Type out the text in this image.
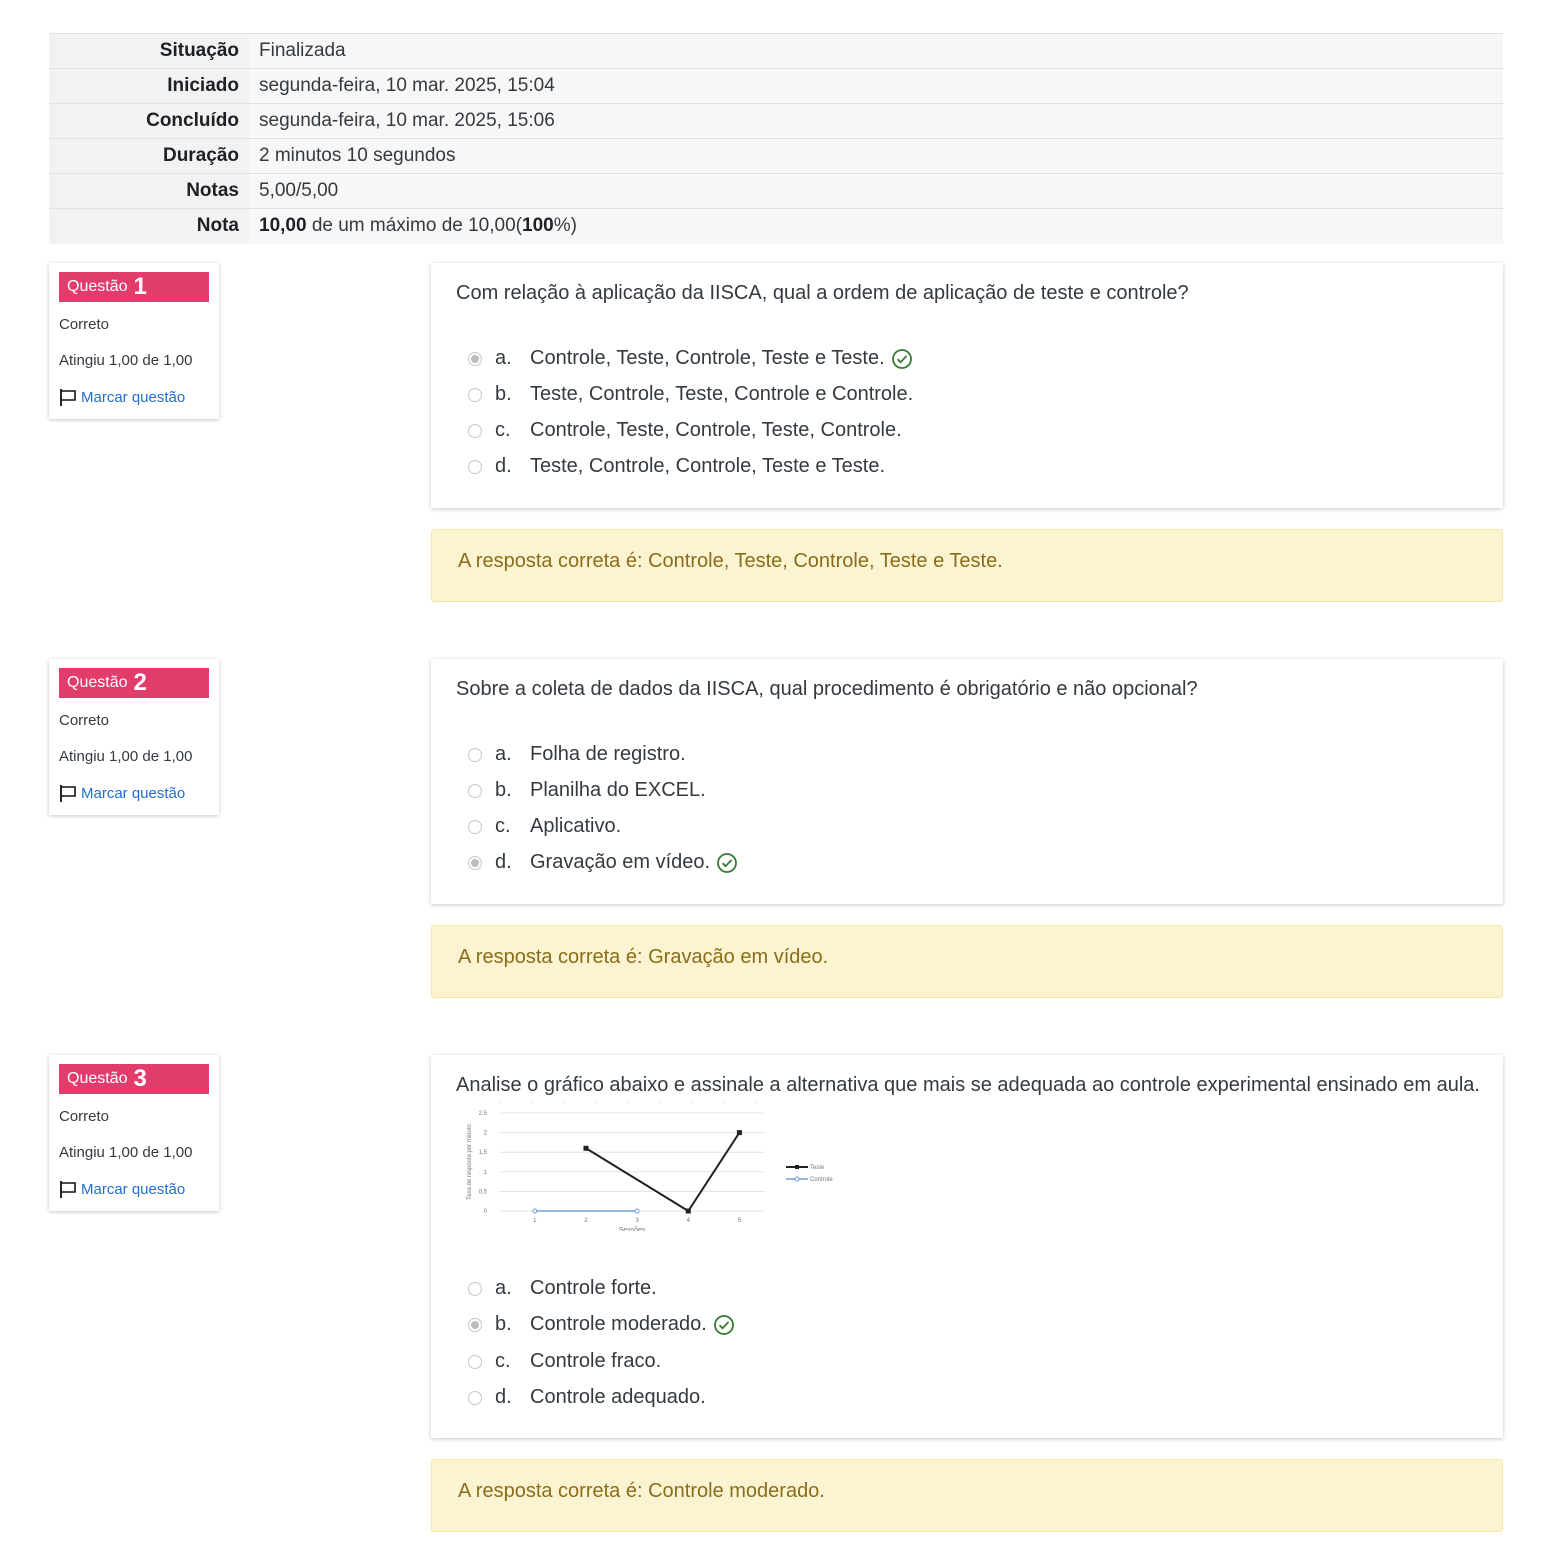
Situação	Finalizada
Iniciado	segunda-feira, 10 mar. 2025, 15:04
Concluído	segunda-feira, 10 mar. 2025, 15:06
Duração	2 minutos 10 segundos
Notas	5,00/5,00
Nota	10,00 de um máximo de 10,00(100%)
Questão 1
Correto
Atingiu 1,00 de 1,00
Marcar questão
Com relação à aplicação da IISCA, qual a ordem de aplicação de teste e controle?
a. Controle, Teste, Controle, Teste e Teste.
b. Teste, Controle, Teste, Controle e Controle.
c. Controle, Teste, Controle, Teste, Controle.
d. Teste, Controle, Controle, Teste e Teste.
A resposta correta é: Controle, Teste, Controle, Teste e Teste.
Questão 2
Correto
Atingiu 1,00 de 1,00
Marcar questão
Sobre a coleta de dados da IISCA, qual procedimento é obrigatório e não opcional?
a. Folha de registro.
b. Planilha do EXCEL.
c. Aplicativo.
d. Gravação em vídeo.
A resposta correta é: Gravação em vídeo.
Questão 3
Correto
Atingiu 1,00 de 1,00
Marcar questão
Analise o gráfico abaixo e assinale a alternativa que mais se adequada ao controle experimental ensinado em aula.
0
0,5
1
1,5
2
2,5
1	2	3	4	5
Sessões
Taxa de resposta por minuto	Teste
Controle
a. Controle forte.
b. Controle moderado.
c. Controle fraco.
d. Controle adequado.
A resposta correta é: Controle moderado.
